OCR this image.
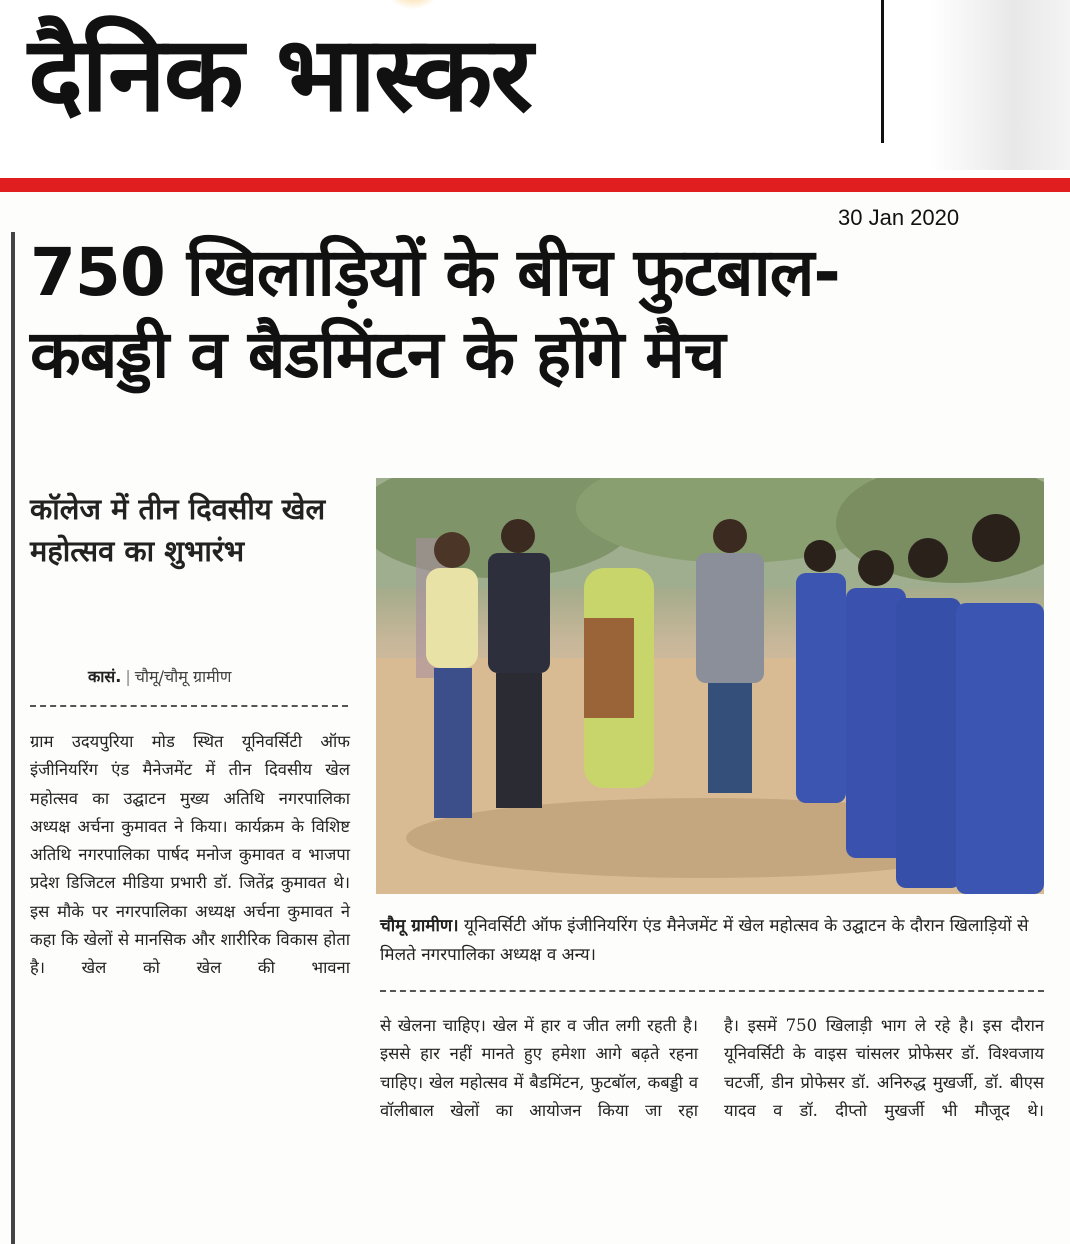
दैनिक भास्कर
30 Jan 2020
750 खिलाड़ियों के बीच फुटबाल-
कबड्डी व बैडमिंटन के होंगे मैच
कॉलेज में तीन दिवसीय खेल महोत्सव का शुभारंभ
कासं. | चौमू/चौमू ग्रामीण
ग्राम उदयपुरिया मोड स्थित यूनिवर्सिटी ऑफ इंजीनियरिंग एंड मैनेजमेंट में तीन दिवसीय खेल महोत्सव का उद्घाटन मुख्य अतिथि नगरपालिका अध्यक्ष अर्चना कुमावत ने किया। कार्यक्रम के विशिष्ट अतिथि नगरपालिका पार्षद मनोज कुमावत व भाजपा प्रदेश डिजिटल मीडिया प्रभारी डॉ. जितेंद्र कुमावत थे। इस मौके पर नगरपालिका अध्यक्ष अर्चना कुमावत ने कहा कि खेलों से मानसिक और शारीरिक विकास होता है। खेल को खेल की भावना
चौमू ग्रामीण। यूनिवर्सिटी ऑफ इंजीनियरिंग एंड मैनेजमेंट में खेल महोत्सव के उद्घाटन के दौरान खिलाड़ियों से मिलते नगरपालिका अध्यक्ष व अन्य।
से खेलना चाहिए। खेल में हार व जीत लगी रहती है। इससे हार नहीं मानते हुए हमेशा आगे बढ़ते रहना चाहिए। खेल महोत्सव में बैडमिंटन, फुटबॉल, कबड्डी व वॉलीबाल खेलों का आयोजन किया जा रहा
है। इसमें 750 खिलाड़ी भाग ले रहे है। इस दौरान यूनिवर्सिटी के वाइस चांसलर प्रोफेसर डॉ. विश्वजाय चटर्जी, डीन प्रोफेसर डॉ. अनिरुद्ध मुखर्जी, डॉ. बीएस यादव व डॉ. दीप्तो मुखर्जी भी मौजूद थे।
